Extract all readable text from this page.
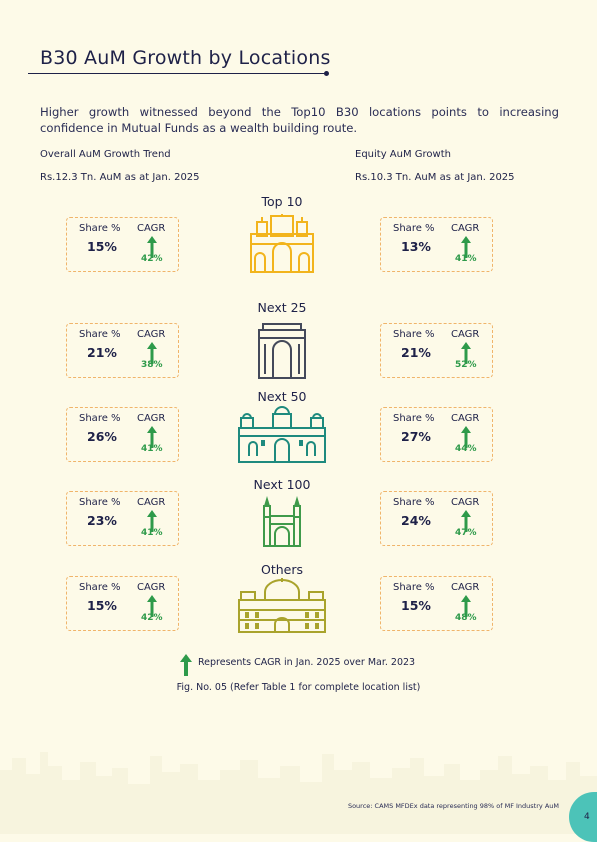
B30 AuM Growth by Locations
Higher growth witnessed beyond the Top10 B30 locations points to increasing confidence in Mutual Funds as a wealth building route.
Overall AuM Growth Trend
Rs.12.3 Tn. AuM as at Jan. 2025
Equity AuM Growth
Rs.10.3 Tn. AuM as at Jan. 2025
Top 10
Share % CAGR
15%
42%
Share % CAGR
13%
41%
Next 25
Share % CAGR
21%
38%
Share % CAGR
21%
52%
Next 50
Share % CAGR
26%
41%
Share % CAGR
27%
44%
Next 100
Share % CAGR
23%
41%
Share % CAGR
24%
47%
Others
Share % CAGR
15%
42%
Share % CAGR
15%
48%
Represents CAGR in Jan. 2025 over Mar. 2023
Fig. No. 05 (Refer Table 1 for complete location list)
Source: CAMS MFDEx data representing 98% of MF Industry AuM
4
